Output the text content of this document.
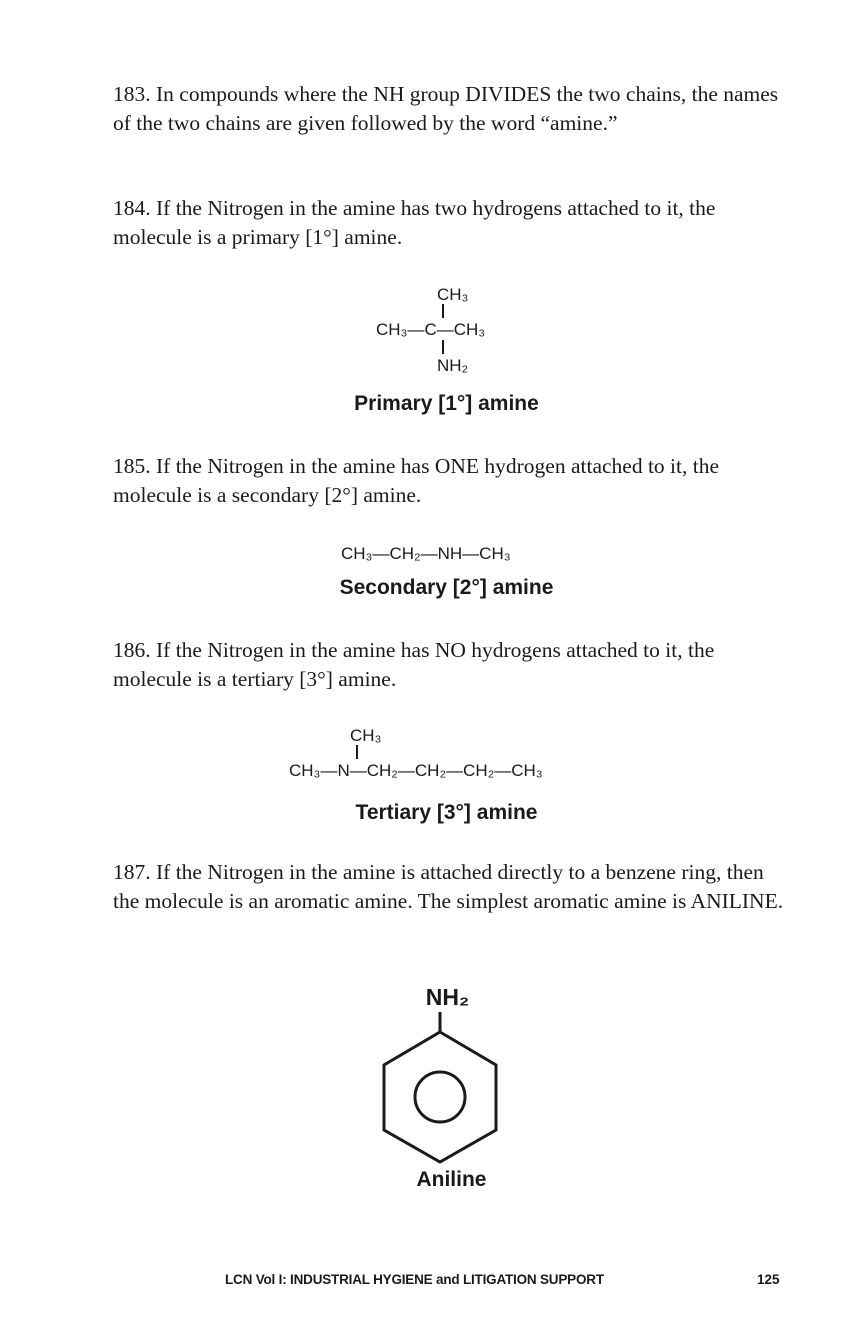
183. In compounds where the NH group DIVIDES the two chains, the names of the two chains are given followed by the word “amine.”

184. If the Nitrogen in the amine has two hydrogens attached to it, the molecule is a primary [1°] amine.

CH₃
CH₃—C—CH₃
NH₂
Primary [1°] amine

185. If the Nitrogen in the amine has ONE hydrogen attached to it, the molecule is a secondary [2°] amine.

CH₃—CH₂—NH—CH₃
Secondary [2°] amine

186. If the Nitrogen in the amine has NO hydrogens attached to it, the molecule is a tertiary [3°] amine.

CH₃
CH₃—N—CH₂—CH₂—CH₂—CH₃
Tertiary [3°] amine

187. If the Nitrogen in the amine is attached directly to a benzene ring, then the molecule is an aromatic amine. The simplest aromatic amine is ANILINE.

NH₂
Aniline
LCN Vol I: INDUSTRIAL HYGIENE and LITIGATION SUPPORT	125
